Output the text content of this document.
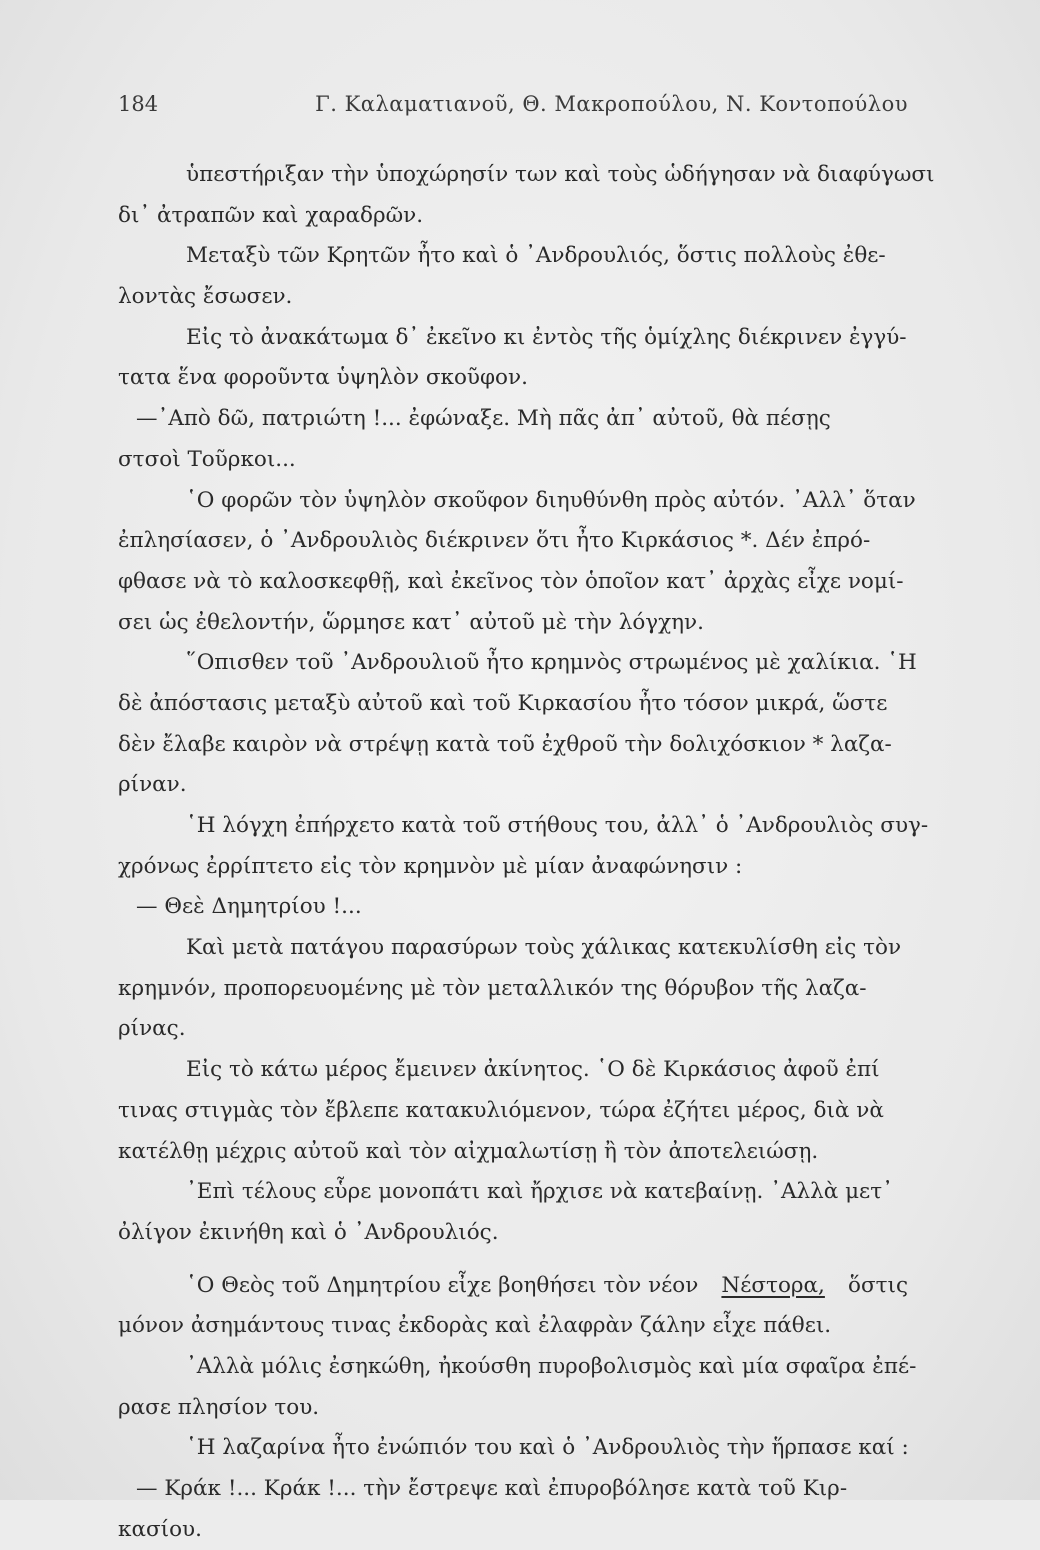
184	Γ. Καλαματιανοῦ, Θ. Μακροπούλου, Ν. Κοντοπούλου
ὑπεστήριξαν τὴν ὑποχώρησίν των καὶ τοὺς ὡδήγησαν νὰ διαφύγωσι
δι᾽ ἀτραπῶν καὶ χαραδρῶν.
Μεταξὺ τῶν Κρητῶν ἦτο καὶ ὁ ᾿Ανδρουλιός, ὅστις πολλοὺς ἐθε-
λοντὰς ἔσωσεν.
Εἰς τὸ ἀνακάτωμα δ᾽ ἐκεῖνο κι ἐντὸς τῆς ὁμίχλης διέκρινεν ἐγγύ-
τατα ἕνα φοροῦντα ὑψηλὸν σκοῦφον.
—᾿Απὸ δῶ, πατριώτη !... ἐφώναξε. Μὴ πᾶς ἀπ᾽ αὐτοῦ, θὰ πέσῃς
στσοὶ Τοῦρκοι...
῾Ο φορῶν τὸν ὑψηλὸν σκοῦφον διηυθύνθη πρὸς αὐτόν. ᾿Αλλ᾽ ὅταν
ἐπλησίασεν, ὁ ᾿Ανδρουλιὸς διέκρινεν ὅτι ἦτο Κιρκάσιος *. Δέν ἐπρό-
φθασε νὰ τὸ καλοσκεφθῇ, καὶ ἐκεῖνος τὸν ὁποῖον κατ᾽ ἀρχὰς εἶχε νομί-
σει ὡς ἐθελοντήν, ὥρμησε κατ᾽ αὐτοῦ μὲ τὴν λόγχην.
῞Οπισθεν τοῦ ᾿Ανδρουλιοῦ ἦτο κρημνὸς στρωμένος μὲ χαλίκια. ῾Η
δὲ ἀπόστασις μεταξὺ αὐτοῦ καὶ τοῦ Κιρκασίου ἦτο τόσον μικρά, ὥστε
δὲν ἔλαβε καιρὸν νὰ στρέψῃ κατὰ τοῦ ἐχθροῦ τὴν δολιχόσκιον * λαζα-
ρίναν.
῾Η λόγχη ἐπήρχετο κατὰ τοῦ στήθους του, ἀλλ᾽ ὁ ᾿Ανδρουλιὸς συγ-
χρόνως ἐρρίπτετο εἰς τὸν κρημνὸν μὲ μίαν ἀναφώνησιν :
— Θεὲ Δημητρίου !...
Καὶ μετὰ πατάγου παρασύρων τοὺς χάλικας κατεκυλίσθη εἰς τὸν
κρημνόν, προπορευομένης μὲ τὸν μεταλλικόν της θόρυβον τῆς λαζα-
ρίνας.
Εἰς τὸ κάτω μέρος ἔμεινεν ἀκίνητος. ῾Ο δὲ Κιρκάσιος ἀφοῦ ἐπί
τινας στιγμὰς τὸν ἔβλεπε κατακυλιόμενον, τώρα ἐζήτει μέρος, διὰ νὰ
κατέλθῃ μέχρις αὐτοῦ καὶ τὸν αἰχμαλωτίσῃ ἢ τὸν ἀποτελειώσῃ.
᾿Επὶ τέλους εὗρε μονοπάτι καὶ ἤρχισε νὰ κατεβαίνῃ. ᾿Αλλὰ μετ᾽
ὀλίγον ἐκινήθη καὶ ὁ ᾿Ανδρουλιός.
῾Ο Θεὸς τοῦ Δημητρίου εἶχε βοηθήσει τὸν νέον Νέστορα, ὅστις
μόνον ἀσημάντους τινας ἐκδορὰς καὶ ἐλαφρὰν ζάλην εἶχε πάθει.
᾿Αλλὰ μόλις ἐσηκώθη, ἠκούσθη πυροβολισμὸς καὶ μία σφαῖρα ἐπέ-
ρασε πλησίον του.
῾Η λαζαρίνα ἦτο ἐνώπιόν του καὶ ὁ ᾿Ανδρουλιὸς τὴν ἥρπασε καί :
— Κράκ !... Κράκ !... τὴν ἔστρεψε καὶ ἐπυροβόλησε κατὰ τοῦ Κιρ-
κασίου.
